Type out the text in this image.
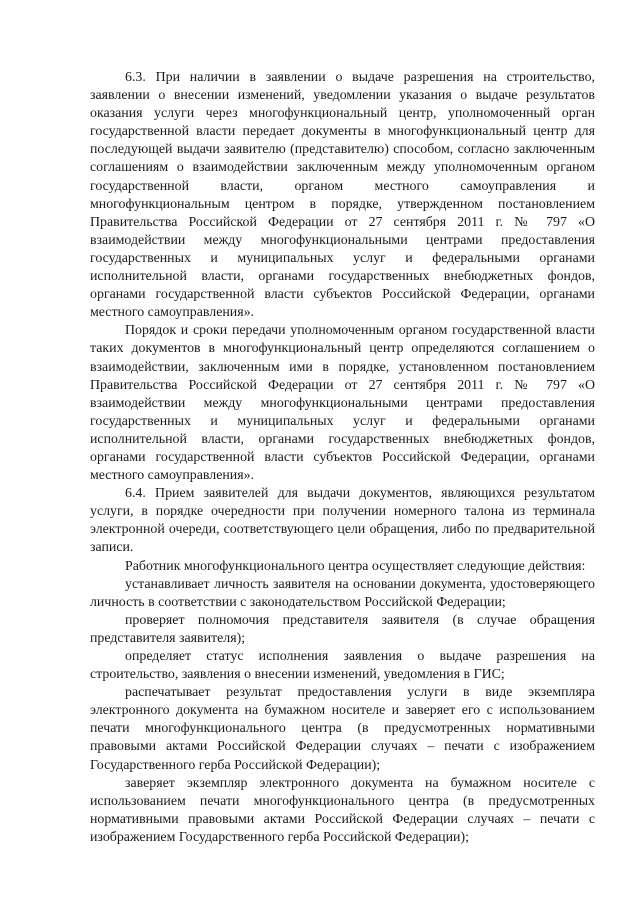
6.3. При наличии в заявлении о выдаче разрешения на строительство, заявлении о внесении изменений, уведомлении указания о выдаче результатов оказания услуги через многофункциональный центр, уполномоченный орган государственной власти передает документы в многофункциональный центр для последующей выдачи заявителю (представителю) способом, согласно заключенным соглашениям о взаимодействии заключенным между уполномоченным органом государственной власти, органом местного самоуправления и многофункциональным центром в порядке, утвержденном постановлением Правительства Российской Федерации от 27 сентября 2011 г. № 797 «О взаимодействии между многофункциональными центрами предоставления государственных и муниципальных услуг и федеральными органами исполнительной власти, органами государственных внебюджетных фондов, органами государственной власти субъектов Российской Федерации, органами местного самоуправления».

Порядок и сроки передачи уполномоченным органом государственной власти таких документов в многофункциональный центр определяются соглашением о взаимодействии, заключенным ими в порядке, установленном постановлением Правительства Российской Федерации от 27 сентября 2011 г. № 797 «О взаимодействии между многофункциональными центрами предоставления государственных и муниципальных услуг и федеральными органами исполнительной власти, органами государственных внебюджетных фондов, органами государственной власти субъектов Российской Федерации, органами местного самоуправления».

6.4. Прием заявителей для выдачи документов, являющихся результатом услуги, в порядке очередности при получении номерного талона из терминала электронной очереди, соответствующего цели обращения, либо по предварительной записи.

Работник многофункционального центра осуществляет следующие действия:

устанавливает личность заявителя на основании документа, удостоверяющего личность в соответствии с законодательством Российской Федерации;

проверяет полномочия представителя заявителя (в случае обращения представителя заявителя);

определяет статус исполнения заявления о выдаче разрешения на строительство, заявления о внесении изменений, уведомления в ГИС;

распечатывает результат предоставления услуги в виде экземпляра электронного документа на бумажном носителе и заверяет его с использованием печати многофункционального центра (в предусмотренных нормативными правовыми актами Российской Федерации случаях – печати с изображением Государственного герба Российской Федерации);

заверяет экземпляр электронного документа на бумажном носителе с использованием печати многофункционального центра (в предусмотренных нормативными правовыми актами Российской Федерации случаях – печати с изображением Государственного герба Российской Федерации);
